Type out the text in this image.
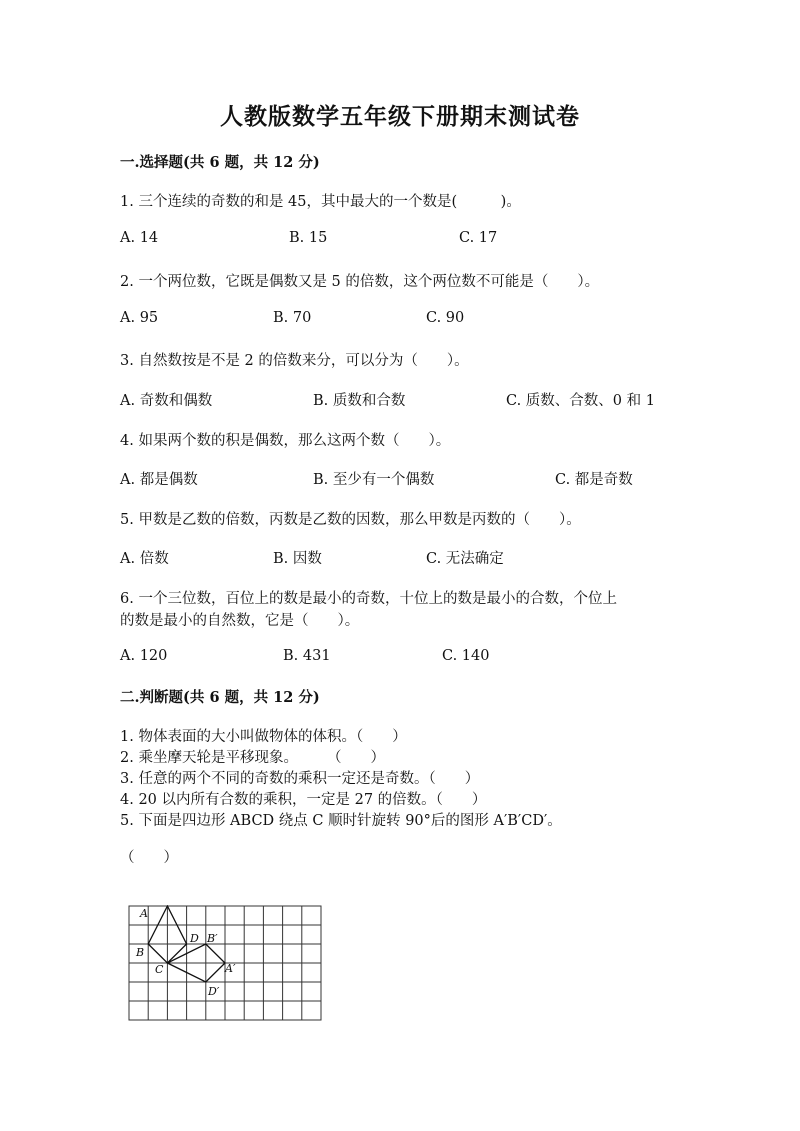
人教版数学五年级下册期末测试卷
一.选择题(共 6 题，共 12 分)
1. 三个连续的奇数的和是 45，其中最大的一个数是(　　　)。
A. 14	B. 15	C. 17
2. 一个两位数，它既是偶数又是 5 的倍数，这个两位数不可能是（　　）。
A. 95	B. 70	C. 90
3. 自然数按是不是 2 的倍数来分，可以分为（　　）。
A. 奇数和偶数	B. 质数和合数	C. 质数、合数、0 和 1
4. 如果两个数的积是偶数，那么这两个数（　　）。
A. 都是偶数	B. 至少有一个偶数	C. 都是奇数
5. 甲数是乙数的倍数，丙数是乙数的因数，那么甲数是丙数的（　　）。
A. 倍数	B. 因数	C. 无法确定
6. 一个三位数，百位上的数是最小的奇数，十位上的数是最小的合数，个位上
的数是最小的自然数，它是（　　）。
A. 120	B. 431	C. 140
二.判断题(共 6 题，共 12 分)
1. 物体表面的大小叫做物体的体积。（　　）
2. 乘坐摩天轮是平移现象。　　　（　　）
3. 任意的两个不同的奇数的乘积一定还是奇数。（　　）
4. 20 以内所有合数的乘积，一定是 27 的倍数。（　　）
5. 下面是四边形 ABCD 绕点 C 顺时针旋转 90°后的图形 A′B′CD′。
（　　）
A
B
C
D B′
A′
D′
